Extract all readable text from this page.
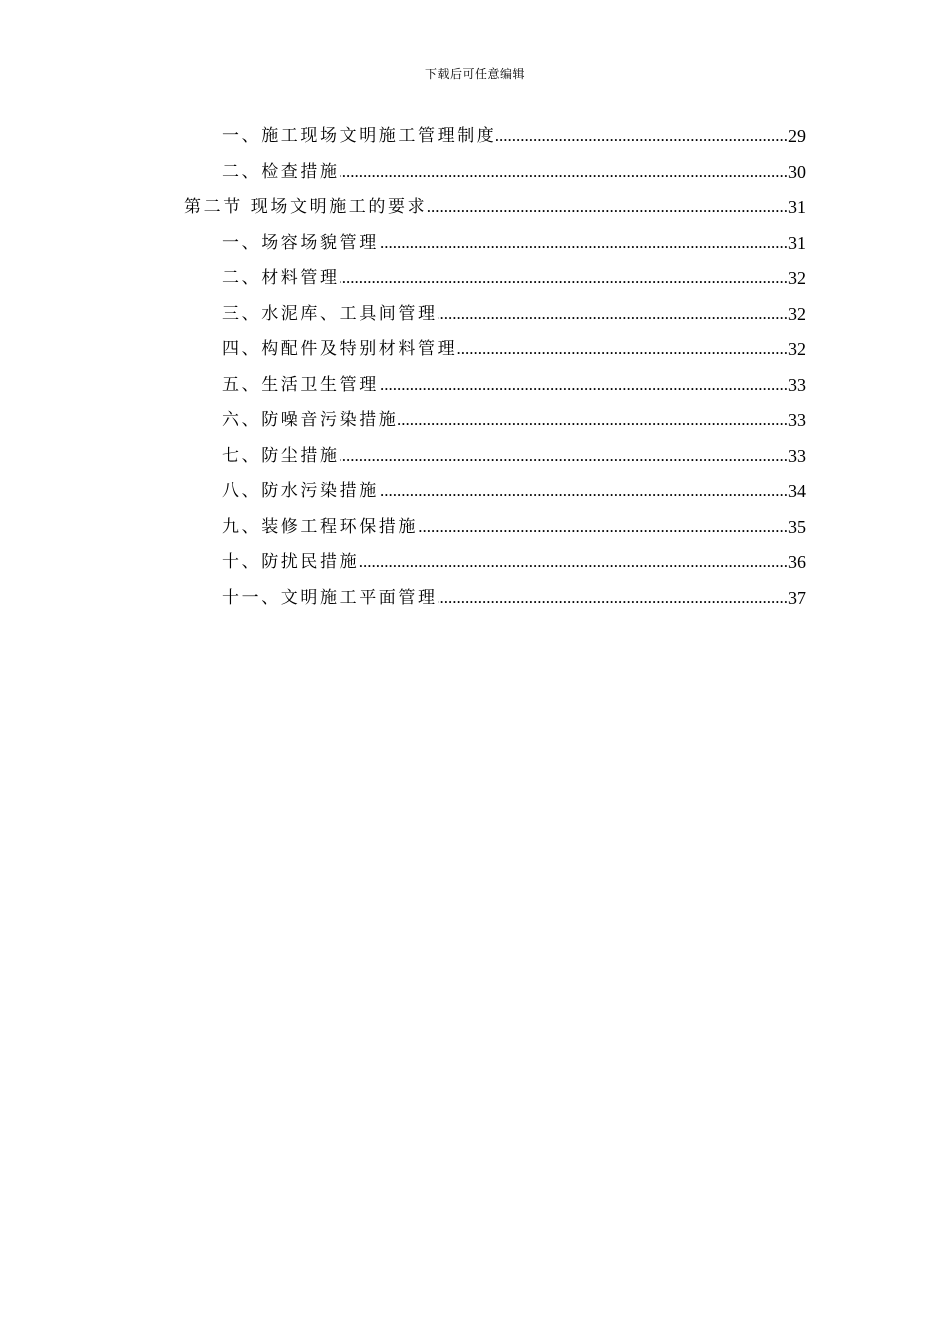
下载后可任意编辑
一、施工现场文明施工管理制度 .....	29
二、检查措施 .....	30
第二节 现场文明施工的要求 .....	31
一、场容场貌管理 .....	31
二、材料管理 .....	32
三、水泥库、工具间管理 .....	32
四、构配件及特别材料管理 .....	32
五、生活卫生管理 .....	33
六、防噪音污染措施 .....	33
七、防尘措施 .....	33
八、防水污染措施 .....	34
九、装修工程环保措施 .....	35
十、防扰民措施 .....	36
十一、文明施工平面管理 .....	37
